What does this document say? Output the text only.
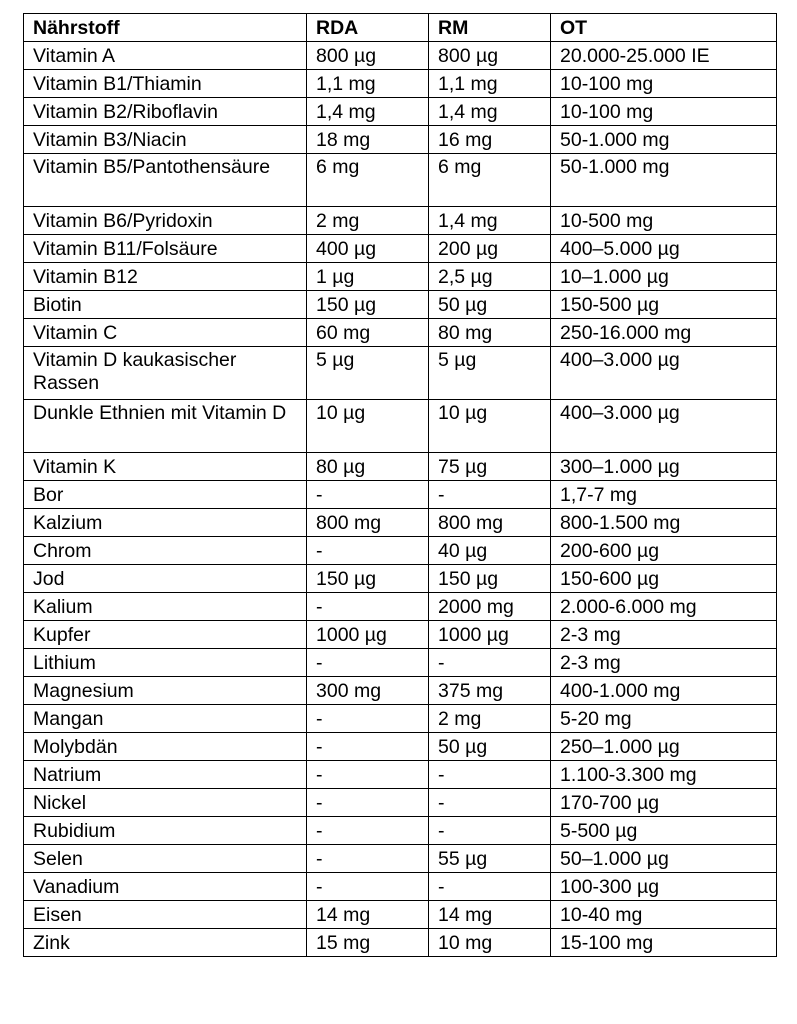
Nährstoff	RDA	RM	OT
Vitamin A	800 µg	800 µg	20.000-25.000 IE
Vitamin B1/Thiamin	1,1 mg	1,1 mg	10-100 mg
Vitamin B2/Riboflavin	1,4 mg	1,4 mg	10-100 mg
Vitamin B3/Niacin	18 mg	16 mg	50-1.000 mg
Vitamin B5/Pantothensäure	6 mg	6 mg	50-1.000 mg
Vitamin B6/Pyridoxin	2 mg	1,4 mg	10-500 mg
Vitamin B11/Folsäure	400 µg	200 µg	400–5.000 µg
Vitamin B12	1 µg	2,5 µg	10–1.000 µg
Biotin	150 µg	50 µg	150-500 µg
Vitamin C	60 mg	80 mg	250-16.000 mg
Vitamin D kaukasischer Rassen	5 µg	5 µg	400–3.000 µg
Dunkle Ethnien mit Vitamin D	10 µg	10 µg	400–3.000 µg
Vitamin K	80 µg	75 µg	300–1.000 µg
Bor	-	-	1,7-7 mg
Kalzium	800 mg	800 mg	800-1.500 mg
Chrom	-	40 µg	200-600 µg
Jod	150 µg	150 µg	150-600 µg
Kalium	-	2000 mg	2.000-6.000 mg
Kupfer	1000 µg	1000 µg	2-3 mg
Lithium	-	-	2-3 mg
Magnesium	300 mg	375 mg	400-1.000 mg
Mangan	-	2 mg	5-20 mg
Molybdän	-	50 µg	250–1.000 µg
Natrium	-	-	1.100-3.300 mg
Nickel	-	-	170-700 µg
Rubidium	-	-	5-500 µg
Selen	-	55 µg	50–1.000 µg
Vanadium	-	-	100-300 µg
Eisen	14 mg	14 mg	10-40 mg
Zink	15 mg	10 mg	15-100 mg
